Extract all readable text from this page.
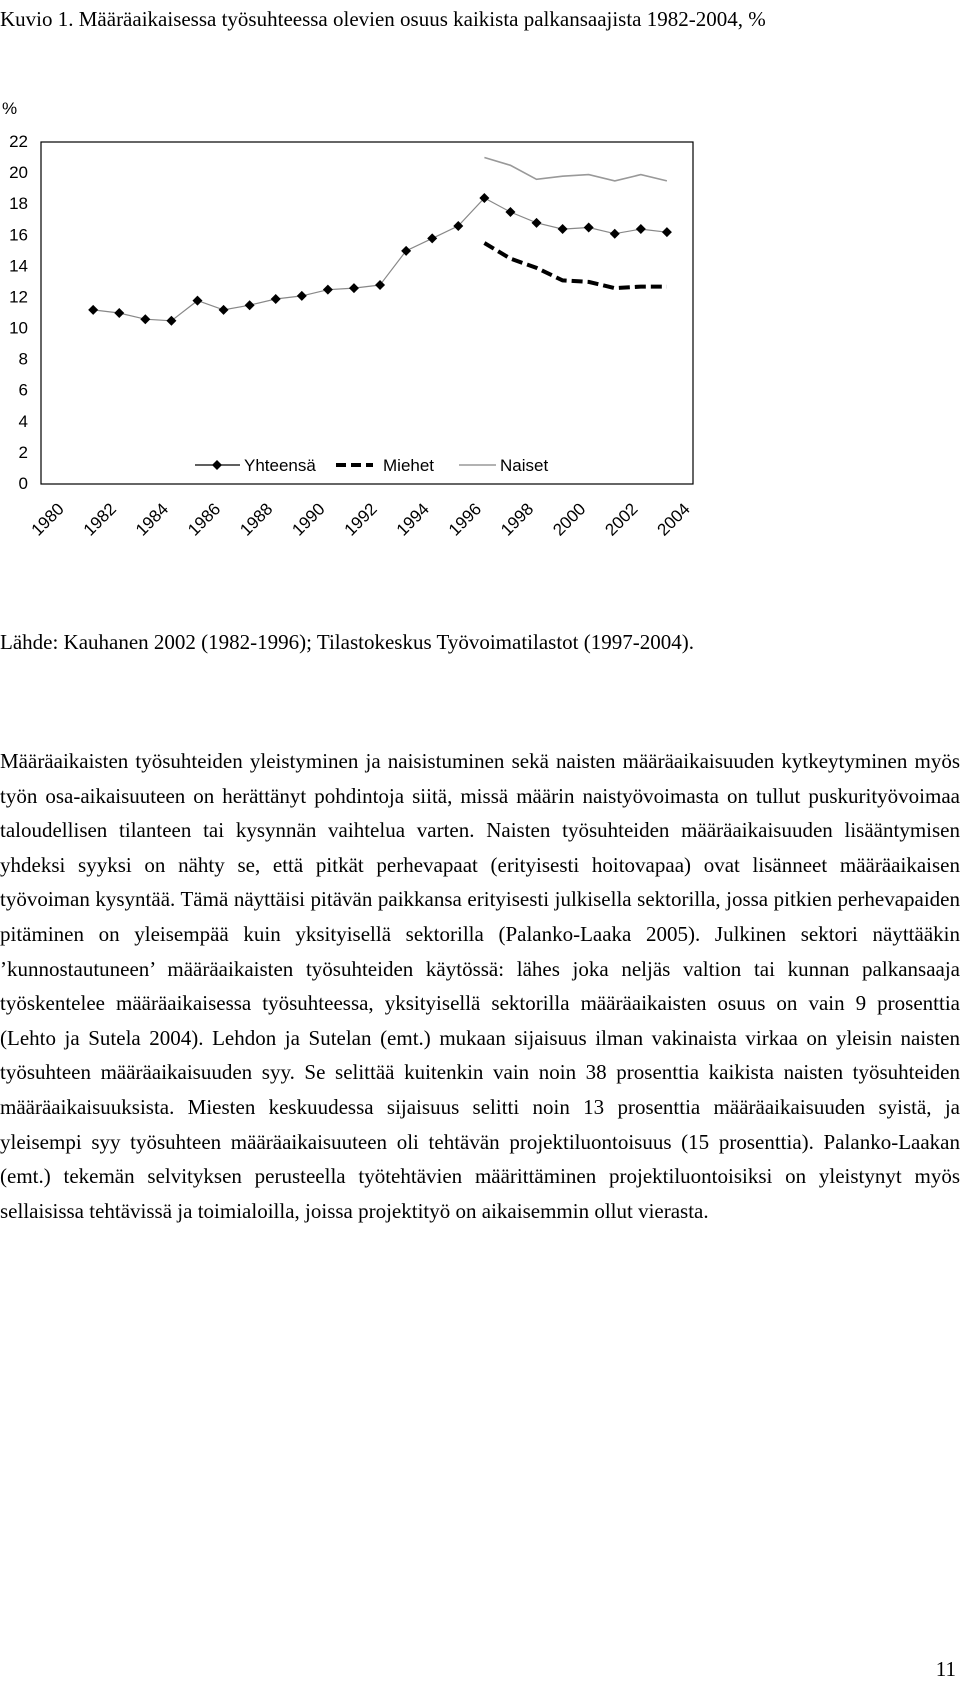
Kuvio 1. Määräaikaisessa työsuhteessa olevien osuus kaikista palkansaajista 1982-2004, %
0
2
4
6
8
10
12
14
16
18
20
22
1980 1982 1984 1986 1988 1990 1992 1994 1996 1998 2000 2002 2004
Yhteensä	Miehet	Naiset
%
Lähde: Kauhanen 2002 (1982-1996); Tilastokeskus Työvoimatilastot (1997-2004).

Määräaikaisten työsuhteiden yleistyminen ja naisistuminen sekä naisten määräaikaisuuden kytkeytyminen myös työn osa-aikaisuuteen on herättänyt pohdintoja siitä, missä määrin naistyövoimasta on tullut puskurityövoimaa taloudellisen tilanteen tai kysynnän vaihtelua varten. Naisten työsuhteiden määräaikaisuuden lisääntymisen yhdeksi syyksi on nähty se, että pitkät perhevapaat (erityisesti hoitovapaa) ovat lisänneet määräaikaisen työvoiman kysyntää. Tämä näyttäisi pitävän paikkansa erityisesti julkisella sektorilla, jossa pitkien perhevapaiden pitäminen on yleisempää kuin yksityisellä sektorilla (Palanko-Laaka 2005). Julkinen sektori näyttääkin ’kunnostautuneen’ määräaikaisten työsuhteiden käytössä: lähes joka neljäs valtion tai kunnan palkansaaja työskentelee määräaikaisessa työsuhteessa, yksityisellä sektorilla määräaikaisten osuus on vain 9 prosenttia (Lehto ja Sutela 2004). Lehdon ja Sutelan (emt.) mukaan sijaisuus ilman vakinaista virkaa on yleisin naisten työsuhteen määräaikaisuuden syy. Se selittää kuitenkin vain noin 38 prosenttia kaikista naisten työsuhteiden määräaikaisuuksista. Miesten keskuudessa sijaisuus selitti noin 13 prosenttia määräaikaisuuden syistä, ja yleisempi syy työsuhteen määräaikaisuuteen oli tehtävän projektiluontoisuus (15 prosenttia). Palanko-Laakan (emt.) tekemän selvityksen perusteella työtehtävien määrittäminen projektiluontoisiksi on yleistynyt myös sellaisissa tehtävissä ja toimialoilla, joissa projektityö on aikaisemmin ollut vierasta.

11
